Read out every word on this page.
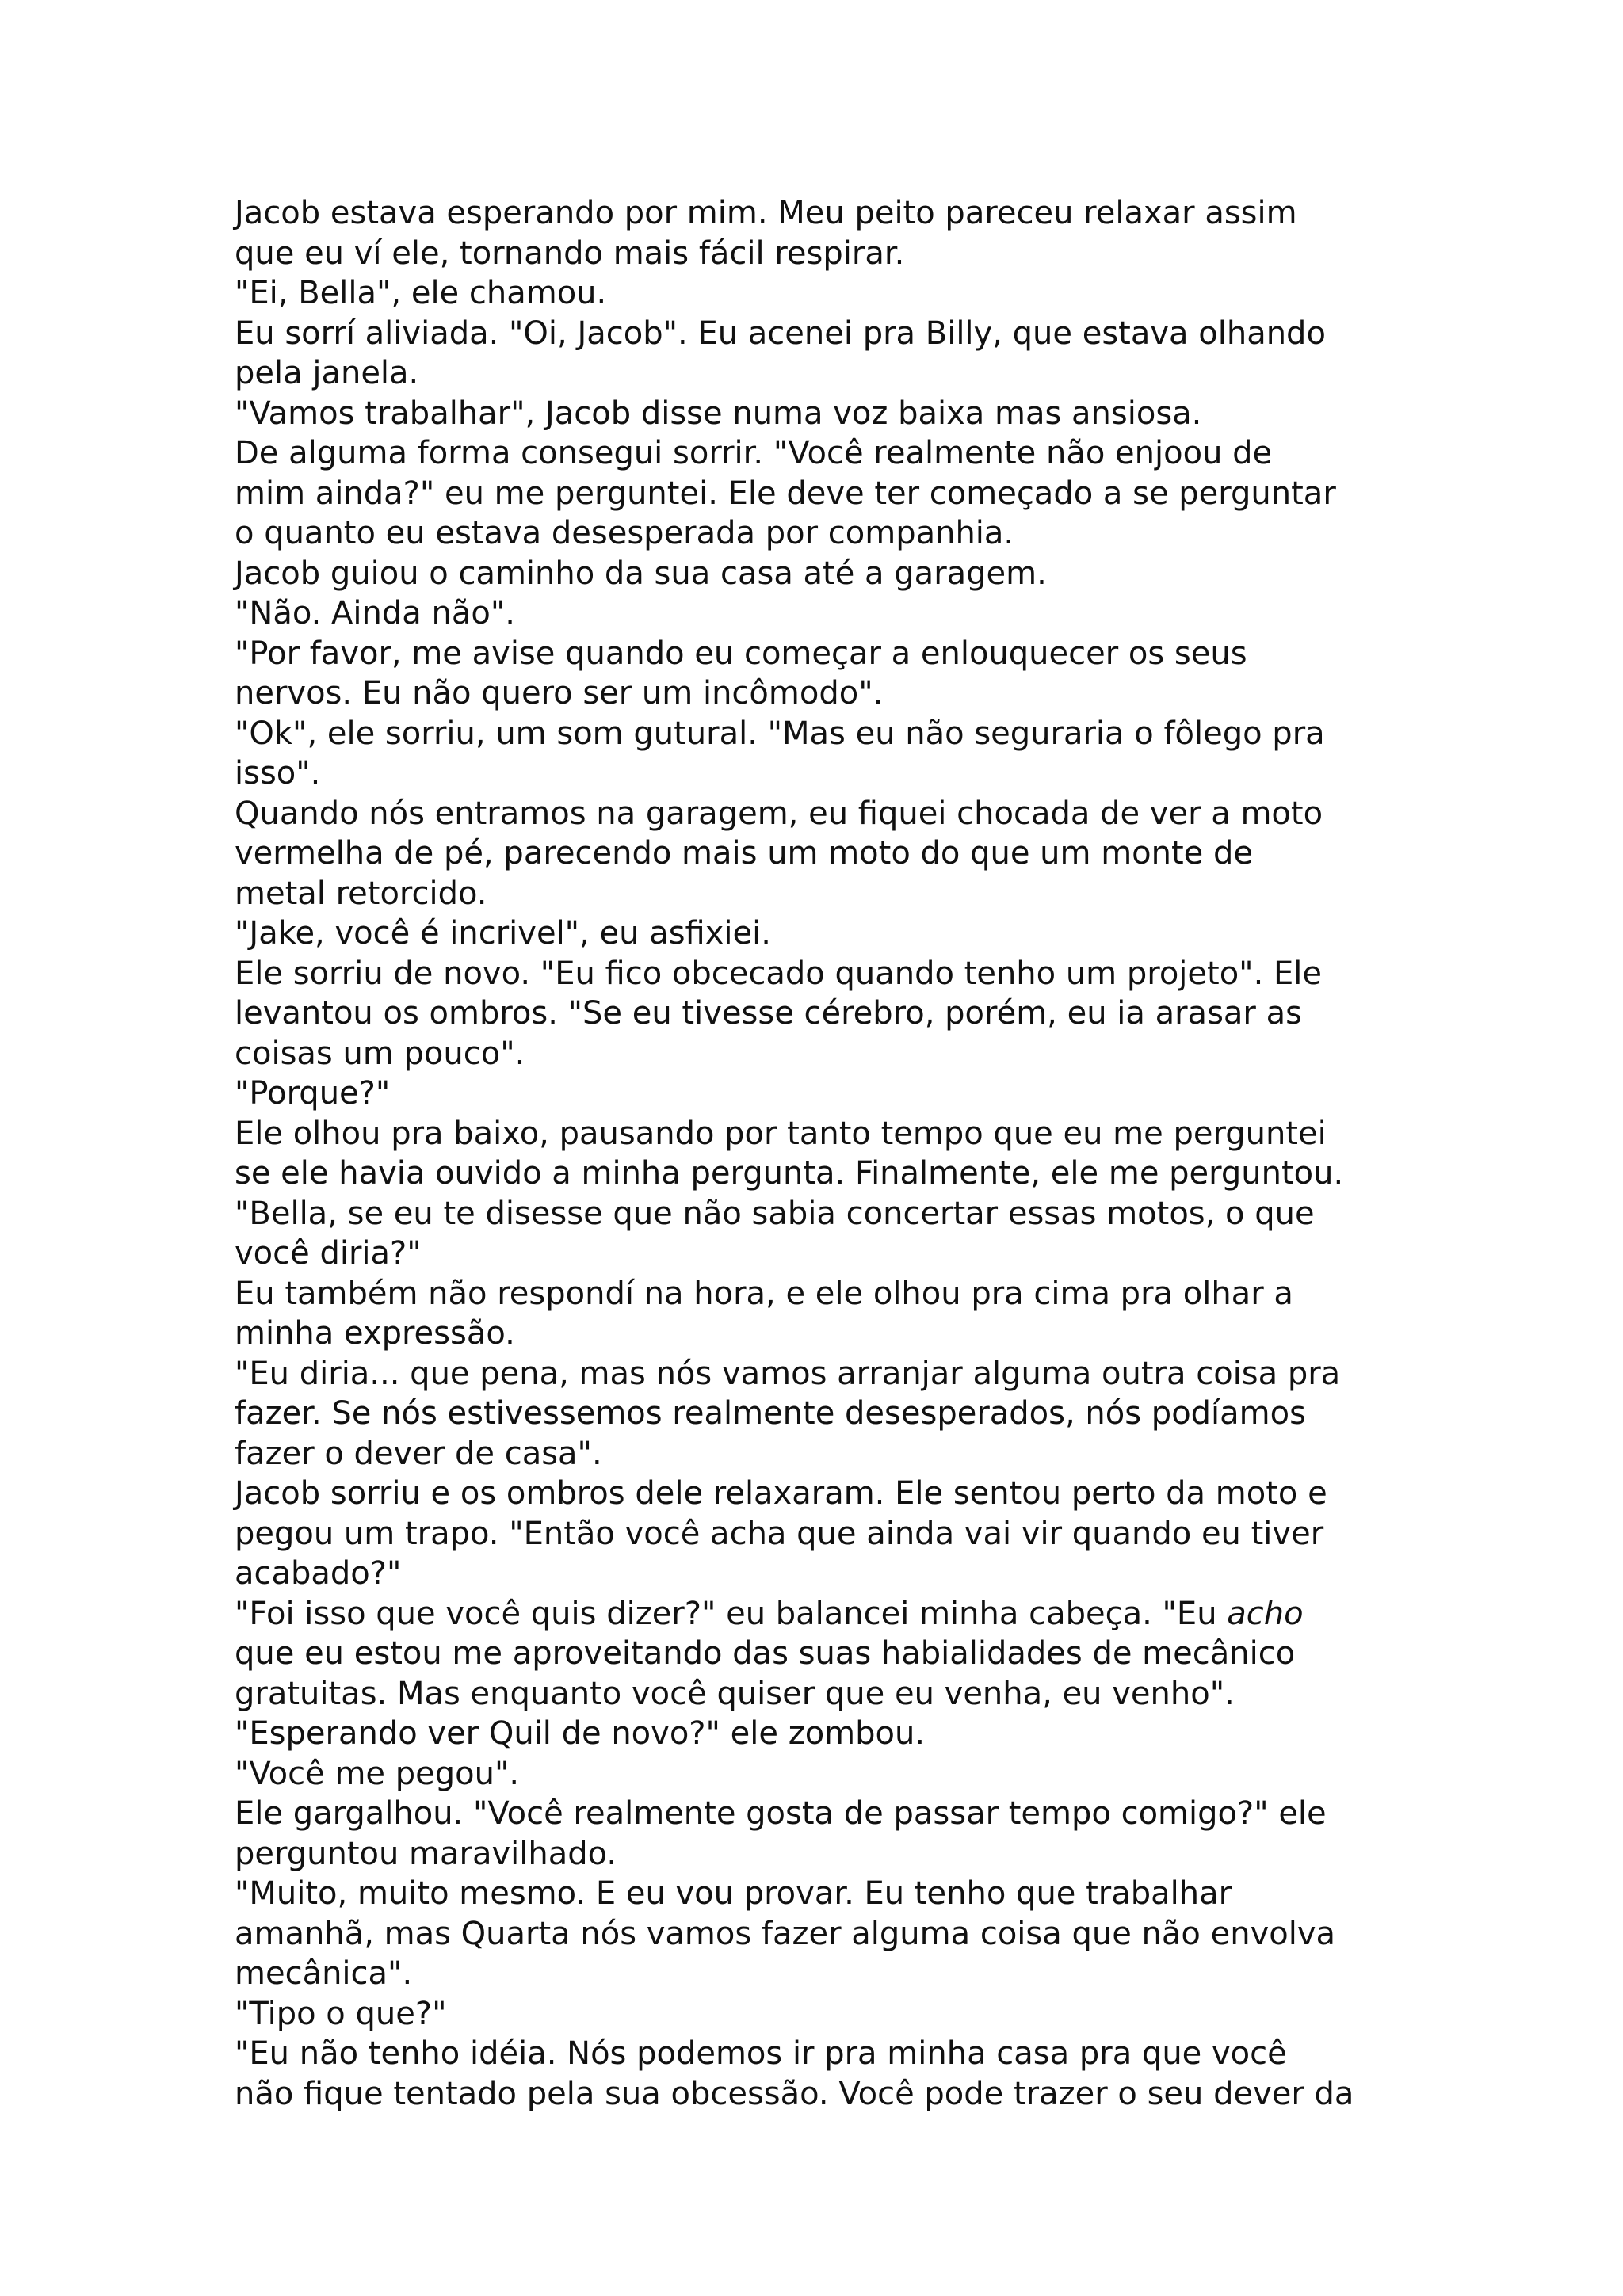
Jacob estava esperando por mim. Meu peito pareceu relaxar assim
que eu ví ele, tornando mais fácil respirar.
"Ei, Bella", ele chamou.
Eu sorrí aliviada. "Oi, Jacob". Eu acenei pra Billy, que estava olhando
pela janela.
"Vamos trabalhar", Jacob disse numa voz baixa mas ansiosa.
De alguma forma consegui sorrir. "Você realmente não enjoou de
mim ainda?" eu me perguntei. Ele deve ter começado a se perguntar
o quanto eu estava desesperada por companhia.
Jacob guiou o caminho da sua casa até a garagem.
"Não. Ainda não".
"Por favor, me avise quando eu começar a enlouquecer os seus
nervos. Eu não quero ser um incômodo".
"Ok", ele sorriu, um som gutural. "Mas eu não seguraria o fôlego pra
isso".
Quando nós entramos na garagem, eu fiquei chocada de ver a moto
vermelha de pé, parecendo mais um moto do que um monte de
metal retorcido.
"Jake, você é incrivel", eu asfixiei.
Ele sorriu de novo. "Eu fico obcecado quando tenho um projeto". Ele
levantou os ombros. "Se eu tivesse cérebro, porém, eu ia arasar as
coisas um pouco".
"Porque?"
Ele olhou pra baixo, pausando por tanto tempo que eu me perguntei
se ele havia ouvido a minha pergunta. Finalmente, ele me perguntou.
"Bella, se eu te disesse que não sabia concertar essas motos, o que
você diria?"
Eu também não respondí na hora, e ele olhou pra cima pra olhar a
minha expressão.
"Eu diria... que pena, mas nós vamos arranjar alguma outra coisa pra
fazer. Se nós estivessemos realmente desesperados, nós podíamos
fazer o dever de casa".
Jacob sorriu e os ombros dele relaxaram. Ele sentou perto da moto e
pegou um trapo. "Então você acha que ainda vai vir quando eu tiver
acabado?"
"Foi isso que você quis dizer?" eu balancei minha cabeça. "Eu acho
que eu estou me aproveitando das suas habialidades de mecânico
gratuitas. Mas enquanto você quiser que eu venha, eu venho".
"Esperando ver Quil de novo?" ele zombou.
"Você me pegou".
Ele gargalhou. "Você realmente gosta de passar tempo comigo?" ele
perguntou maravilhado.
"Muito, muito mesmo. E eu vou provar. Eu tenho que trabalhar
amanhã, mas Quarta nós vamos fazer alguma coisa que não envolva
mecânica".
"Tipo o que?"
"Eu não tenho idéia. Nós podemos ir pra minha casa pra que você
não fique tentado pela sua obcessão. Você pode trazer o seu dever da
